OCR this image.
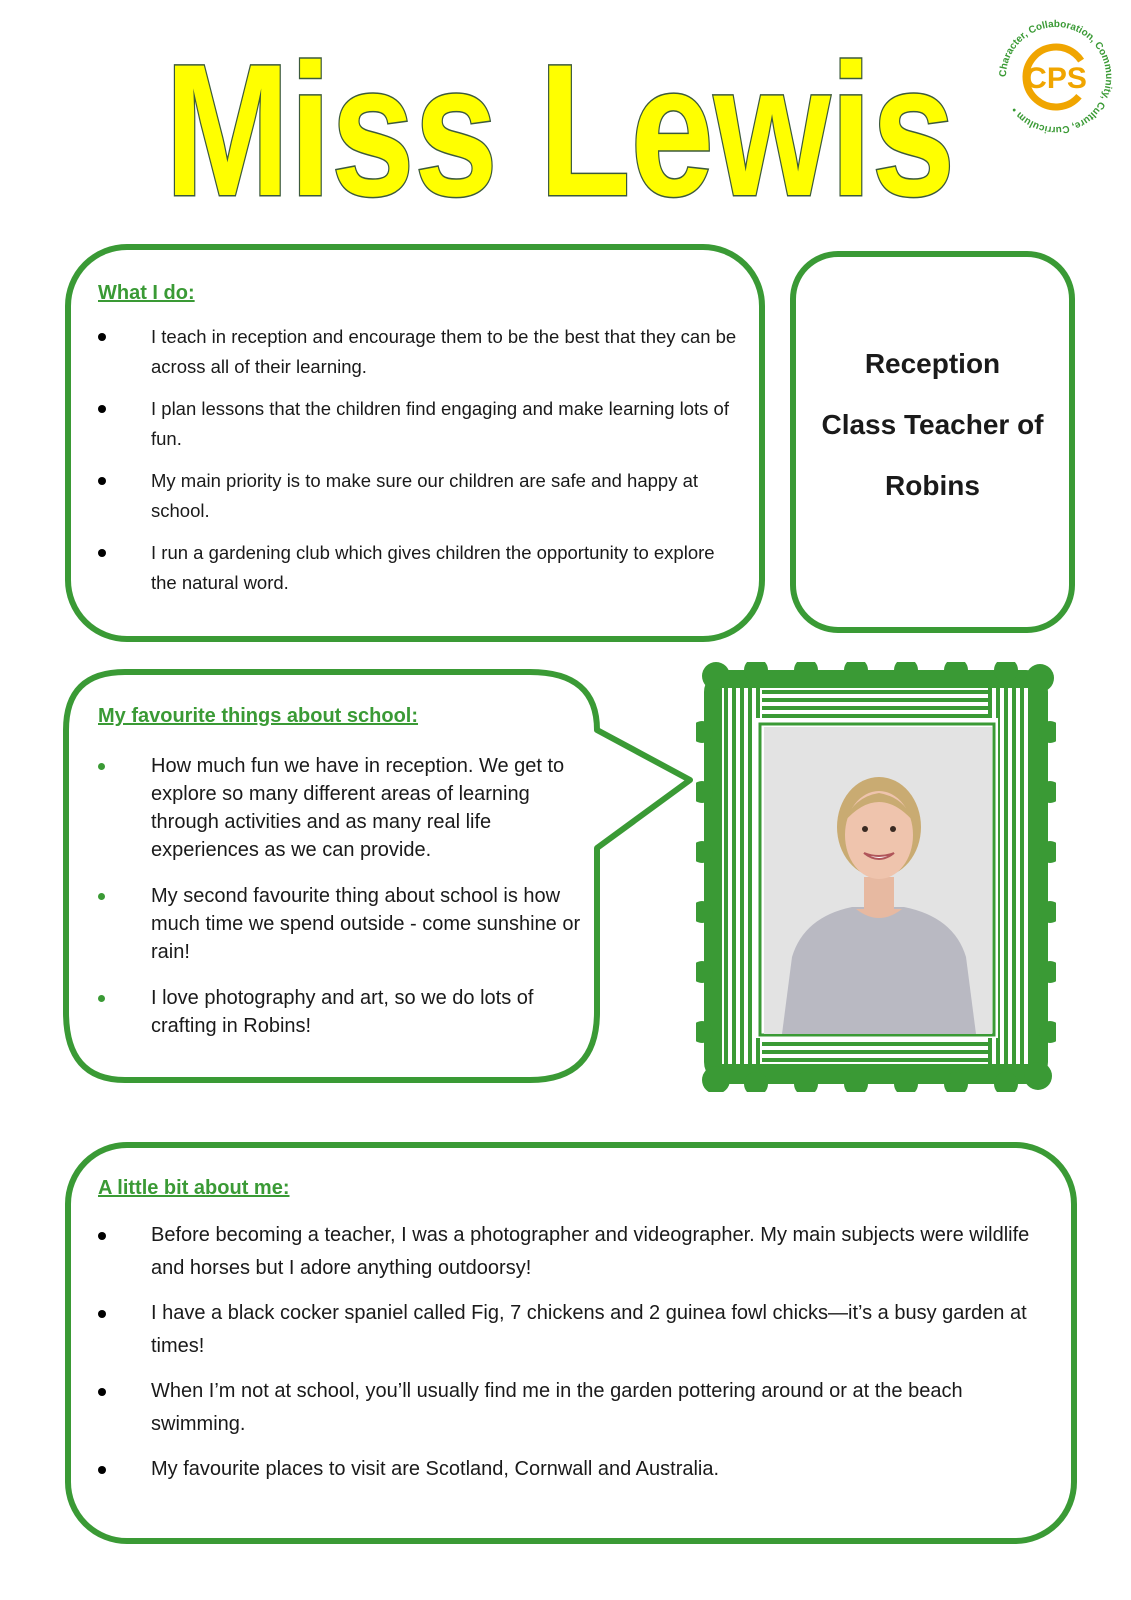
Miss Lewis	Character, Collaboration, Community, Culture, Curriculum •
CPS
What I do:
I teach in reception and encourage them to be the best that they can be across all of their learning.
I plan lessons that the children find engaging and make learning lots of fun.
My main priority is to make sure our children are safe and happy at school.
I run a gardening club which gives children the opportunity to explore the natural word.
Reception
Class Teacher of
Robins
My favourite things about school:
How much fun we have in reception. We get to explore so many different areas of learning through activities and as many real life experiences as we can provide.
My second favourite thing about school is how much time we spend outside - come sunshine or rain!
I love photography and art, so we do lots of crafting in Robins!
A little bit about me:
Before becoming a teacher, I was a photographer and videographer. My main subjects were wildlife and horses but I adore anything outdoorsy!
I have a black cocker spaniel called Fig, 7 chickens and 2 guinea fowl chicks—it’s a busy garden at times!
When I’m not at school, you’ll usually find me in the garden pottering around or at the beach swimming.
My favourite places to visit are Scotland, Cornwall and Australia.
